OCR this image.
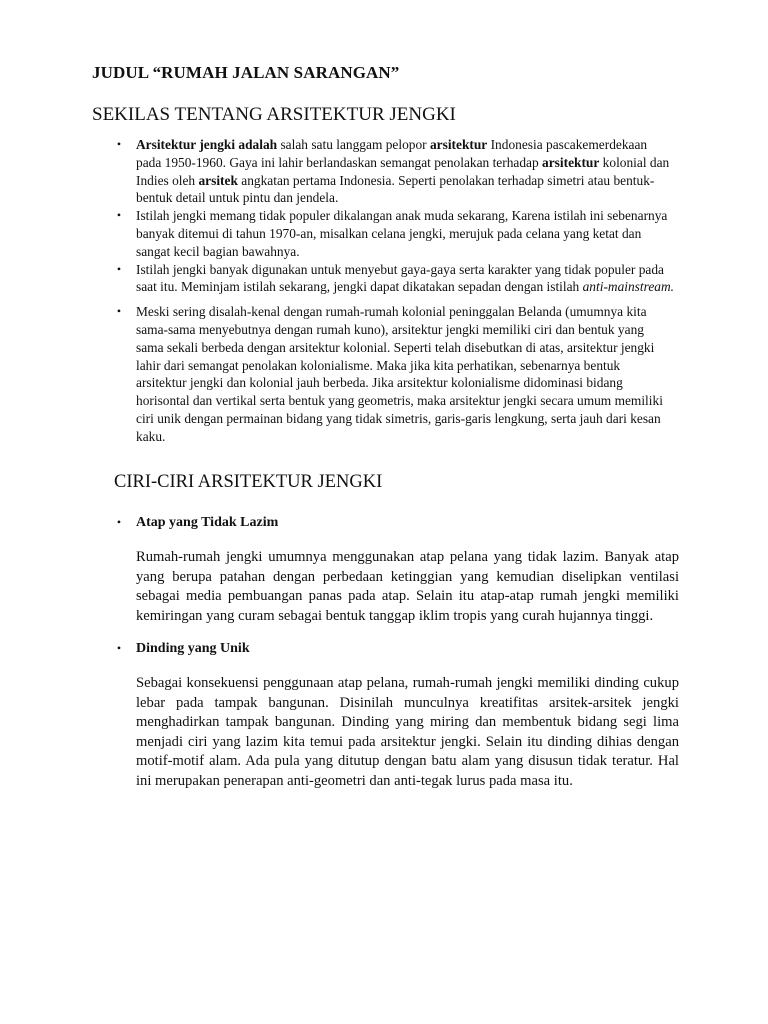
JUDUL “RUMAH JALAN SARANGAN”
SEKILAS TENTANG ARSITEKTUR JENGKI
• Arsitektur jengki adalah salah satu langgam pelopor arsitektur Indonesia pascakemerdekaan pada 1950-1960. Gaya ini lahir berlandaskan semangat penolakan terhadap arsitektur kolonial dan Indies oleh arsitek angkatan pertama Indonesia. Seperti penolakan terhadap simetri atau bentuk-bentuk detail untuk pintu dan jendela.
• Istilah jengki memang tidak populer dikalangan anak muda sekarang, Karena istilah ini sebenarnya banyak ditemui di tahun 1970-an, misalkan celana jengki, merujuk pada celana yang ketat dan sangat kecil bagian bawahnya.
• Istilah jengki banyak digunakan untuk menyebut gaya-gaya serta karakter yang tidak populer pada saat itu. Meminjam istilah sekarang, jengki dapat dikatakan sepadan dengan istilah anti-mainstream.
• Meski sering disalah-kenal dengan rumah-rumah kolonial peninggalan Belanda (umumnya kita sama-sama menyebutnya dengan rumah kuno), arsitektur jengki memiliki ciri dan bentuk yang sama sekali berbeda dengan arsitektur kolonial. Seperti telah disebutkan di atas, arsitektur jengki lahir dari semangat penolakan kolonialisme. Maka jika kita perhatikan, sebenarnya bentuk arsitektur jengki dan kolonial jauh berbeda. Jika arsitektur kolonialisme didominasi bidang horisontal dan vertikal serta bentuk yang geometris, maka arsitektur jengki secara umum memiliki ciri unik dengan permainan bidang yang tidak simetris, garis-garis lengkung, serta jauh dari kesan kaku.
CIRI-CIRI ARSITEKTUR JENGKI
• Atap yang Tidak Lazim
Rumah-rumah jengki umumnya menggunakan atap pelana yang tidak lazim. Banyak atap yang berupa patahan dengan perbedaan ketinggian yang kemudian diselipkan ventilasi sebagai media pembuangan panas pada atap. Selain itu atap-atap rumah jengki memiliki kemiringan yang curam sebagai bentuk tanggap iklim tropis yang curah hujannya tinggi.
• Dinding yang Unik
Sebagai konsekuensi penggunaan atap pelana, rumah-rumah jengki memiliki dinding cukup lebar pada tampak bangunan. Disinilah munculnya kreatifitas arsitek-arsitek jengki menghadirkan tampak bangunan. Dinding yang miring dan membentuk bidang segi lima menjadi ciri yang lazim kita temui pada arsitektur jengki. Selain itu dinding dihias dengan motif-motif alam. Ada pula yang ditutup dengan batu alam yang disusun tidak teratur. Hal ini merupakan penerapan anti-geometri dan anti-tegak lurus pada masa itu.
